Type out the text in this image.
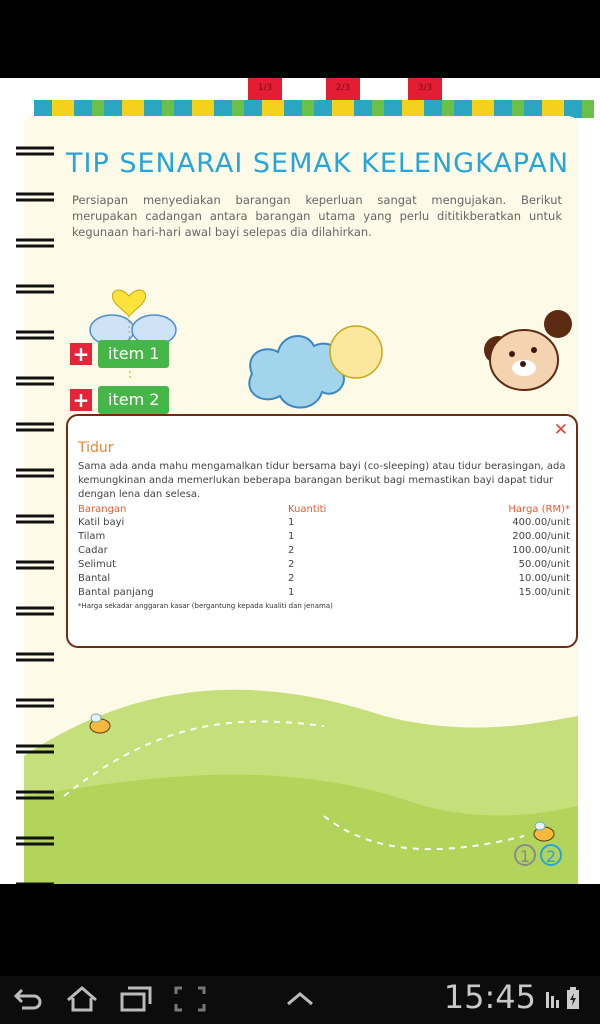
1/3	2/3	3/3
TIP SENARAI SEMAK KELENGKAPAN
Persiapan menyediakan barangan keperluan sangat mengujakan. Berikut merupakan cadangan antara barangan utama yang perlu dititikberatkan untuk kegunaan hari-hari awal bayi selepas dia dilahirkan.
+	item 1
+	item 2
1 2
✕
Tidur
Sama ada anda mahu mengamalkan tidur bersama bayi (co-sleeping) atau tidur berasingan, ada kemungkinan anda memerlukan beberapa barangan berikut bagi memastikan bayi dapat tidur dengan lena dan selesa.
Barangan	Kuantiti	Harga (RM)*
Katil bayi	1	400.00/unit
Tilam	1	200.00/unit
Cadar	2	100.00/unit
Selimut	2	50.00/unit
Bantal	2	10.00/unit
Bantal panjang	1	15.00/unit
*Harga sekadar anggaran kasar (bergantung kepada kualiti dan jenama)
15:45
